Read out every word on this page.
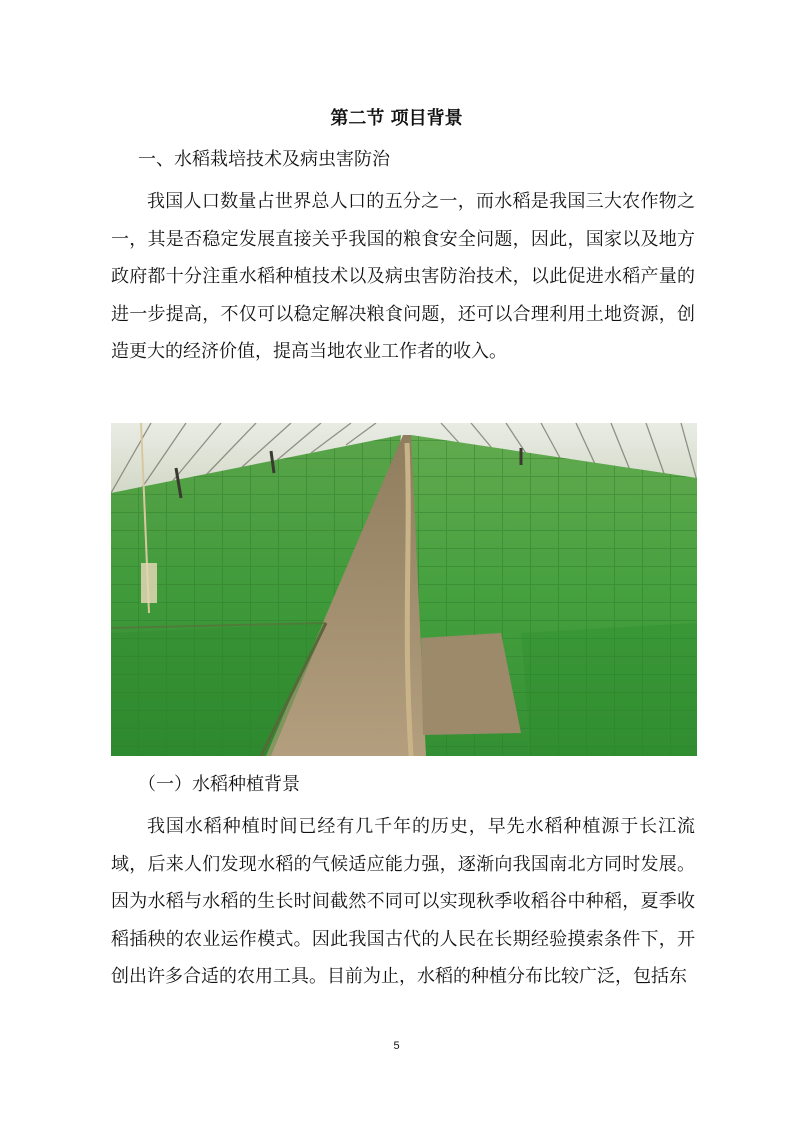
第二节 项目背景
一、水稻栽培技术及病虫害防治

我国人口数量占世界总人口的五分之一，而水稻是我国三大农作物之一，其是否稳定发展直接关乎我国的粮食安全问题，因此，国家以及地方政府都十分注重水稻种植技术以及病虫害防治技术，以此促进水稻产量的进一步提高，不仅可以稳定解决粮食问题，还可以合理利用土地资源，创造更大的经济价值，提高当地农业工作者的收入。

（一）水稻种植背景

我国水稻种植时间已经有几千年的历史，早先水稻种植源于长江流域，后来人们发现水稻的气候适应能力强，逐渐向我国南北方同时发展。因为水稻与水稻的生长时间截然不同可以实现秋季收稻谷中种稻，夏季收稻插秧的农业运作模式。因此我国古代的人民在长期经验摸索条件下，开创出许多合适的农用工具。目前为止，水稻的种植分布比较广泛，包括东

5
